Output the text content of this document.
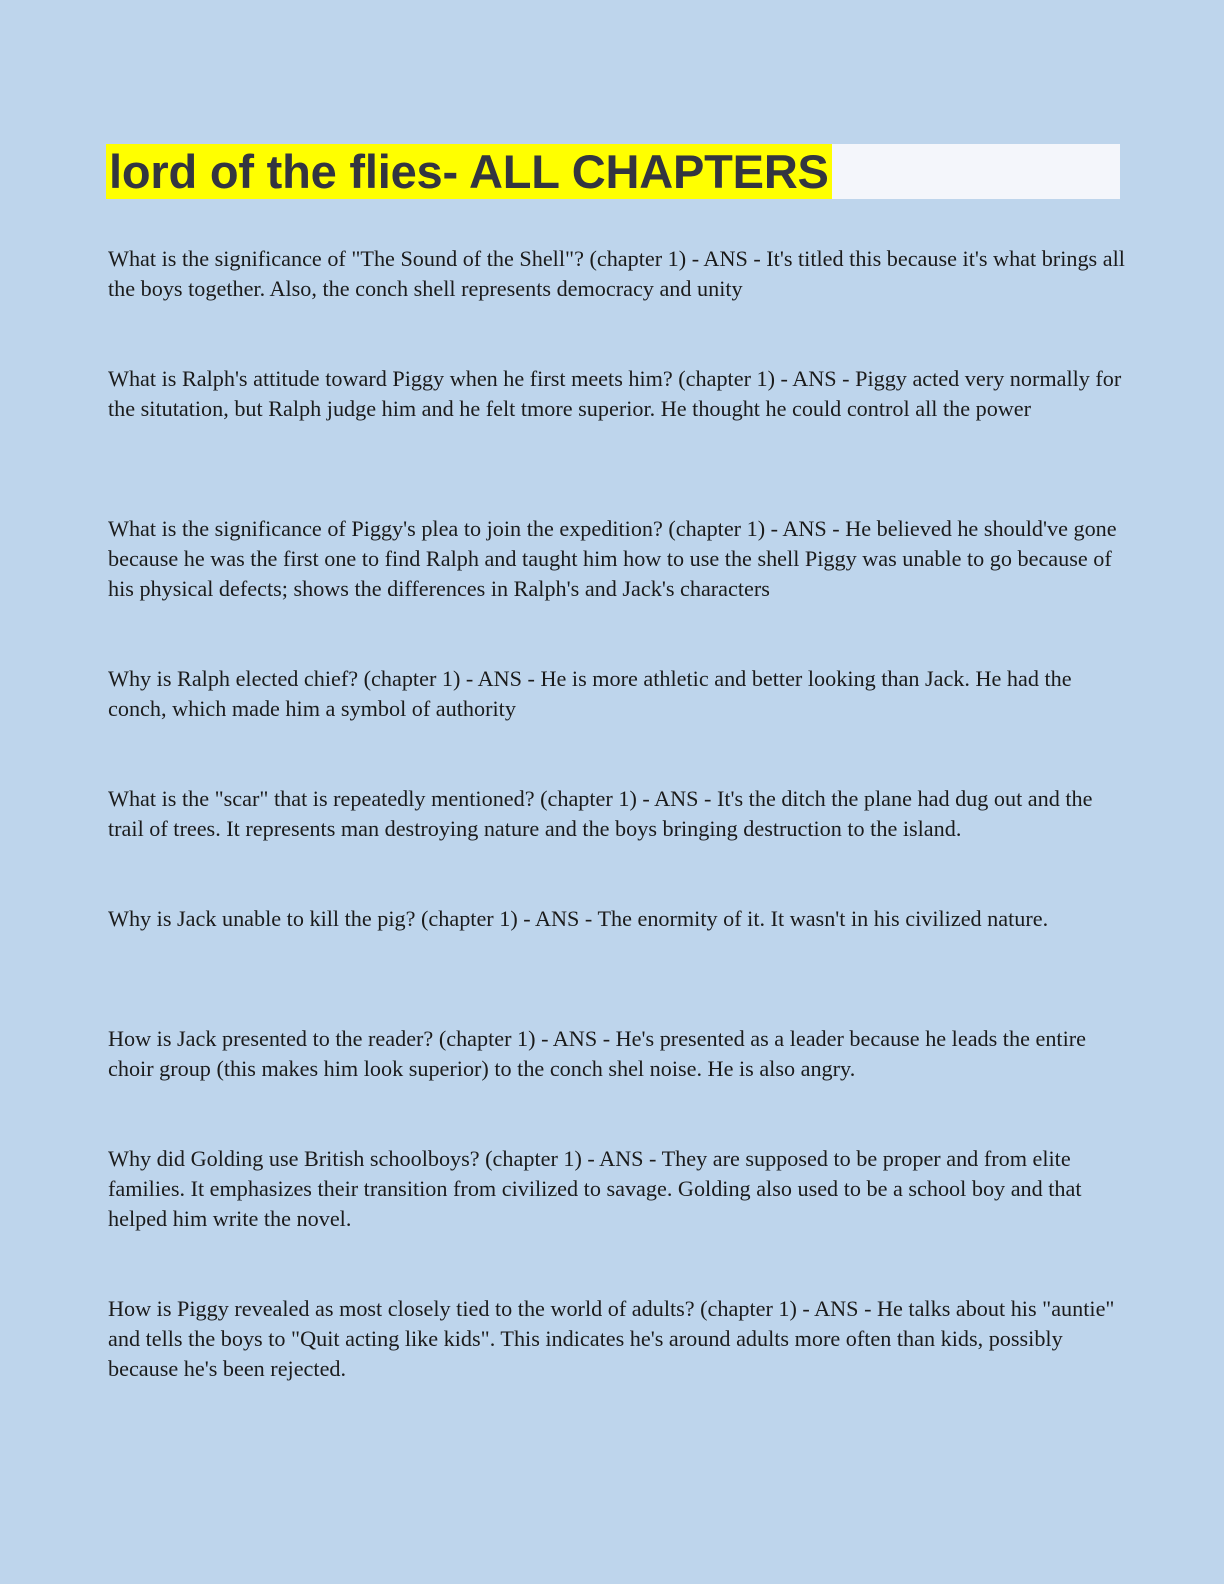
lord of the flies- ALL CHAPTERS

What is the significance of "The Sound of the Shell"? (chapter 1) - ANS - It's titled this because it's what brings all the boys together. Also, the conch shell represents democracy and unity

What is Ralph's attitude toward Piggy when he first meets him? (chapter 1) - ANS - Piggy acted very normally for the situtation, but Ralph judge him and he felt tmore superior. He thought he could control all the power

What is the significance of Piggy's plea to join the expedition? (chapter 1) - ANS - He believed he should've gone because he was the first one to find Ralph and taught him how to use the shell Piggy was unable to go because of his physical defects; shows the differences in Ralph's and Jack's characters

Why is Ralph elected chief? (chapter 1) - ANS - He is more athletic and better looking than Jack. He had the conch, which made him a symbol of authority

What is the "scar" that is repeatedly mentioned? (chapter 1) - ANS - It's the ditch the plane had dug out and the trail of trees. It represents man destroying nature and the boys bringing destruction to the island.

Why is Jack unable to kill the pig? (chapter 1) - ANS - The enormity of it. It wasn't in his civilized nature.

How is Jack presented to the reader? (chapter 1) - ANS - He's presented as a leader because he leads the entire choir group (this makes him look superior) to the conch shel noise. He is also angry.

Why did Golding use British schoolboys? (chapter 1) - ANS - They are supposed to be proper and from elite families. It emphasizes their transition from civilized to savage. Golding also used to be a school boy and that helped him write the novel.

How is Piggy revealed as most closely tied to the world of adults? (chapter 1) - ANS - He talks about his "auntie" and tells the boys to "Quit acting like kids". This indicates he's around adults more often than kids, possibly because he's been rejected.
